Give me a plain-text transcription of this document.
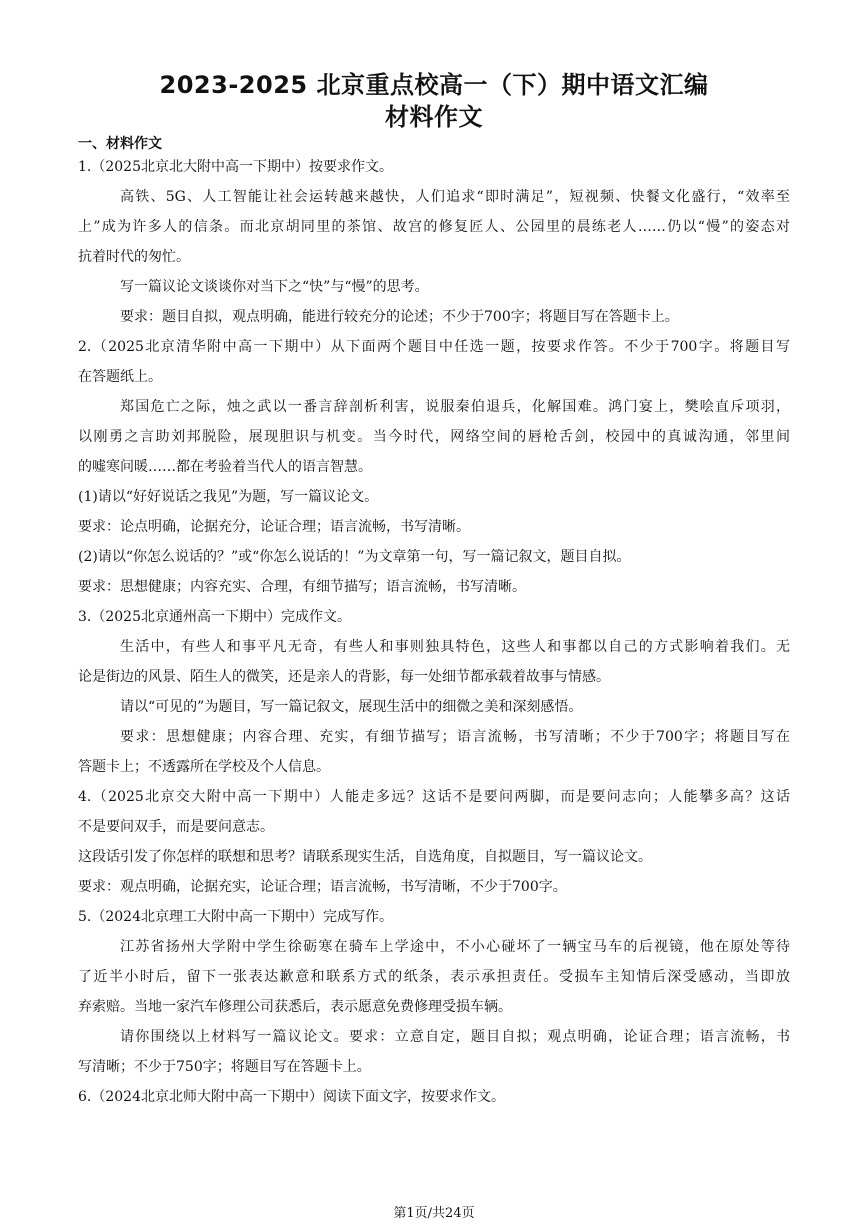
2023-2025 北京重点校高一（下）期中语文汇编
材料作文
一、材料作文
1.（2025北京北大附中高一下期中）按要求作文。
高铁、5G、人工智能让社会运转越来越快，人们追求“即时满足”，短视频、快餐文化盛行，“效率至
上”成为许多人的信条。而北京胡同里的茶馆、故宫的修复匠人、公园里的晨练老人……仍以“慢”的姿态对
抗着时代的匆忙。
写一篇议论文谈谈你对当下之“快”与“慢”的思考。
要求：题目自拟，观点明确，能进行较充分的论述；不少于700字；将题目写在答题卡上。
2.（2025北京清华附中高一下期中）从下面两个题目中任选一题，按要求作答。不少于700字。将题目写
在答题纸上。
郑国危亡之际，烛之武以一番言辞剖析利害，说服秦伯退兵，化解国难。鸿门宴上，樊哙直斥项羽，
以刚勇之言助刘邦脱险，展现胆识与机变。当今时代，网络空间的唇枪舌剑，校园中的真诚沟通，邻里间
的嘘寒问暖……都在考验着当代人的语言智慧。
(1)请以“好好说话之我见”为题，写一篇议论文。
要求：论点明确，论据充分，论证合理；语言流畅，书写清晰。
(2)请以“你怎么说话的？”或“你怎么说话的！”为文章第一句，写一篇记叙文，题目自拟。
要求：思想健康；内容充实、合理，有细节描写；语言流畅，书写清晰。
3.（2025北京通州高一下期中）完成作文。
生活中，有些人和事平凡无奇，有些人和事则独具特色，这些人和事都以自己的方式影响着我们。无
论是街边的风景、陌生人的微笑，还是亲人的背影，每一处细节都承载着故事与情感。
请以“可见的”为题目，写一篇记叙文，展现生活中的细微之美和深刻感悟。
要求：思想健康；内容合理、充实，有细节描写；语言流畅，书写清晰；不少于700字；将题目写在
答题卡上；不透露所在学校及个人信息。
4.（2025北京交大附中高一下期中）人能走多远？这话不是要问两脚，而是要问志向；人能攀多高？这话
不是要问双手，而是要问意志。
这段话引发了你怎样的联想和思考？请联系现实生活，自选角度，自拟题目，写一篇议论文。
要求：观点明确，论据充实，论证合理；语言流畅，书写清晰，不少于700字。
5.（2024北京理工大附中高一下期中）完成写作。
江苏省扬州大学附中学生徐砺寒在骑车上学途中，不小心碰坏了一辆宝马车的后视镜，他在原处等待
了近半小时后，留下一张表达歉意和联系方式的纸条，表示承担责任。受损车主知情后深受感动，当即放
弃索赔。当地一家汽车修理公司获悉后，表示愿意免费修理受损车辆。
请你围绕以上材料写一篇议论文。要求：立意自定，题目自拟；观点明确，论证合理；语言流畅，书
写清晰；不少于750字；将题目写在答题卡上。
6.（2024北京北师大附中高一下期中）阅读下面文字，按要求作文。
第1页/共24页
